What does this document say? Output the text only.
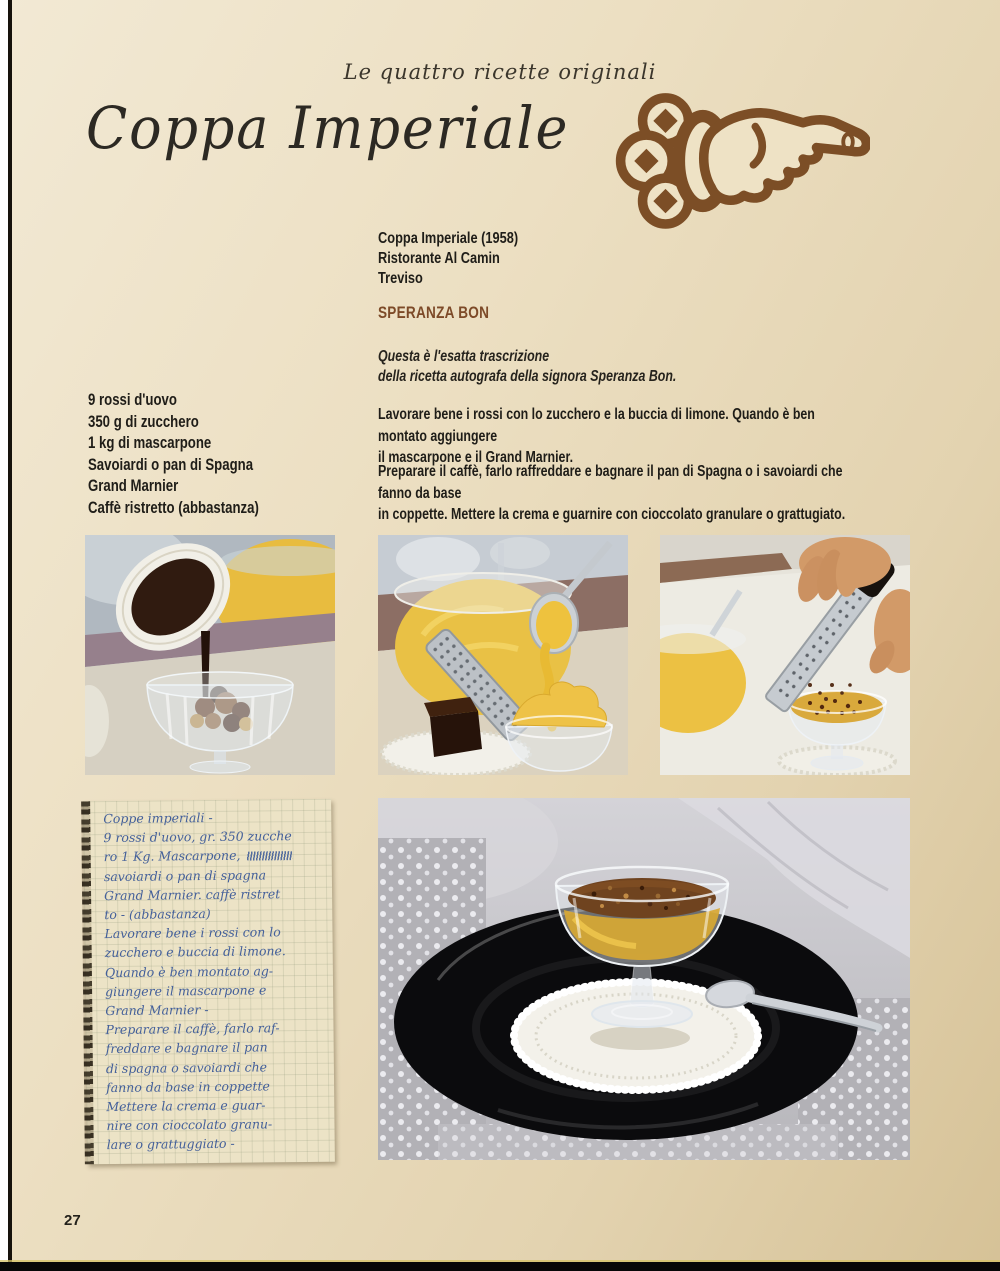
Le quattro ricette originali
Coppa Imperiale
Coppa Imperiale (1958)
Ristorante Al Camin
Treviso
SPERANZA BON
Questa è l'esatta trascrizione
della ricetta autografa della signora Speranza Bon.
9 rossi d'uovo
350 g di zucchero
1 kg di mascarpone
Savoiardi o pan di Spagna
Grand Marnier
Caffè ristretto (abbastanza)
Lavorare bene i rossi con lo zucchero e la buccia di limone. Quando è ben montato aggiungere
il mascarpone e il Grand Marnier.
Preparare il caffè, farlo raffreddare e bagnare il pan di Spagna o i savoiardi che fanno da base
in coppette. Mettere la crema e guarnire con cioccolato granulare o grattugiato.
Coppe imperiali -
9 rossi d'uovo, gr. 350 zucche
ro 1 Kg. Mascarpone,
savoiardi o pan di spagna
Grand Marnier. caffè ristret
to - (abbastanza)
Lavorare bene i rossi con lo
zucchero e buccia di limone.
Quando è ben montato ag-
giungere il mascarpone e
Grand Marnier -
Preparare il caffè, farlo raf-
freddare e bagnare il pan
di spagna o savoiardi che
fanno da base in coppette
Mettere la crema e guar-
nire con cioccolato granu-
lare o grattuggiato -
27
